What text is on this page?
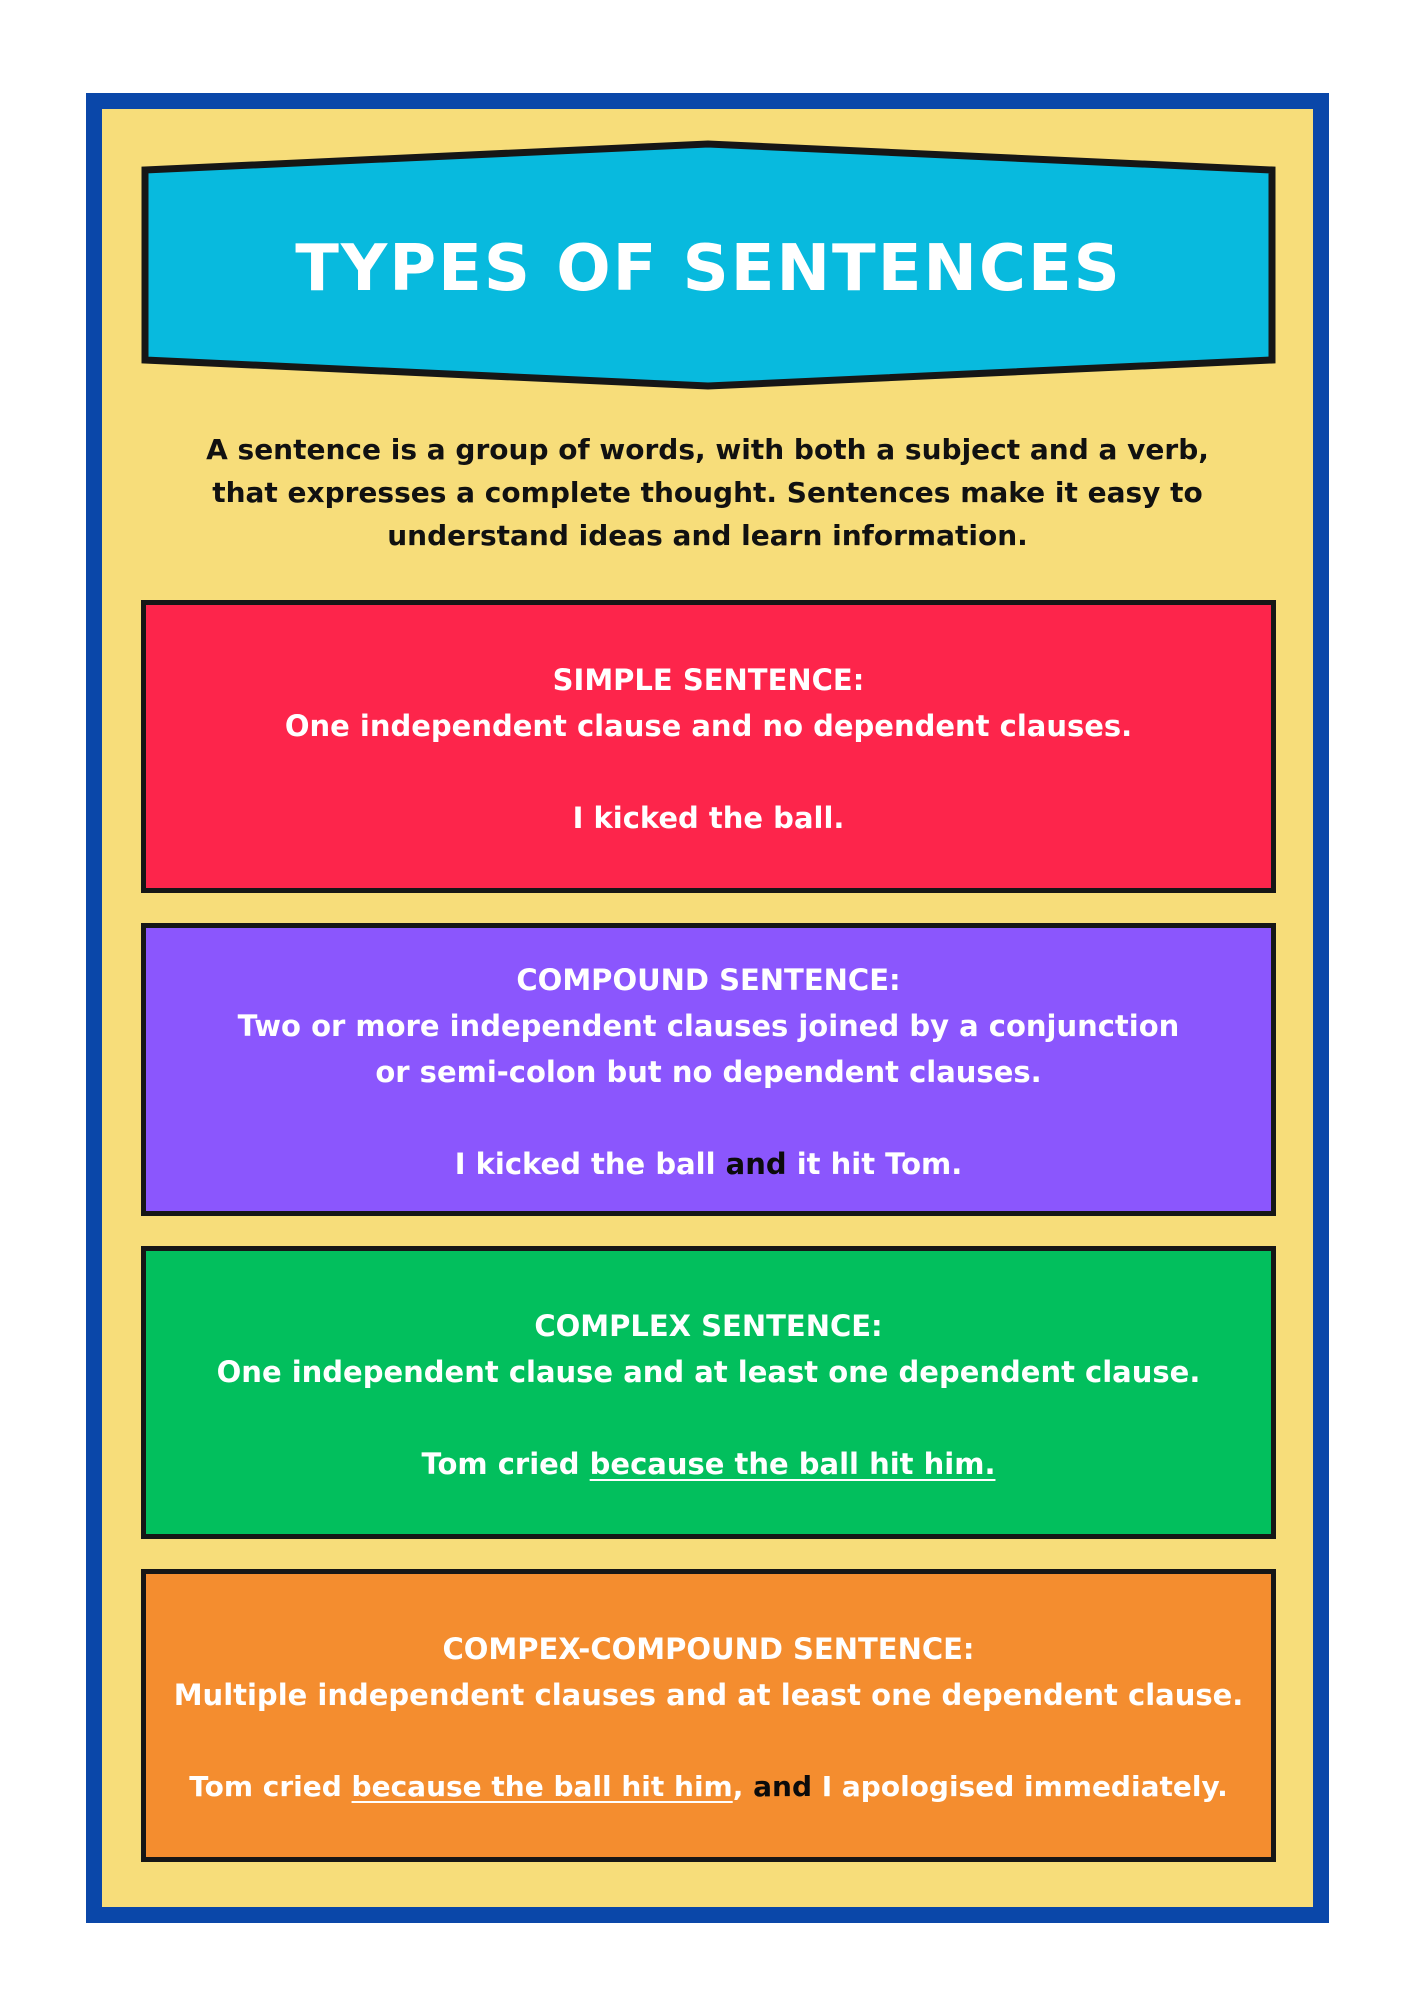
TYPES OF SENTENCES
A sentence is a group of words, with both a subject and a verb,
that expresses a complete thought. Sentences make it easy to
understand ideas and learn information.

SIMPLE SENTENCE:

One independent clause and no dependent clauses.

I kicked the ball.

COMPOUND SENTENCE:

Two or more independent clauses joined by a conjunction

or semi-colon but no dependent clauses.

I kicked the ball and it hit Tom.

COMPLEX SENTENCE:

One independent clause and at least one dependent clause.

Tom cried because the ball hit him.

COMPEX-COMPOUND SENTENCE:

Multiple independent clauses and at least one dependent clause.

Tom cried because the ball hit him, and I apologised immediately.
